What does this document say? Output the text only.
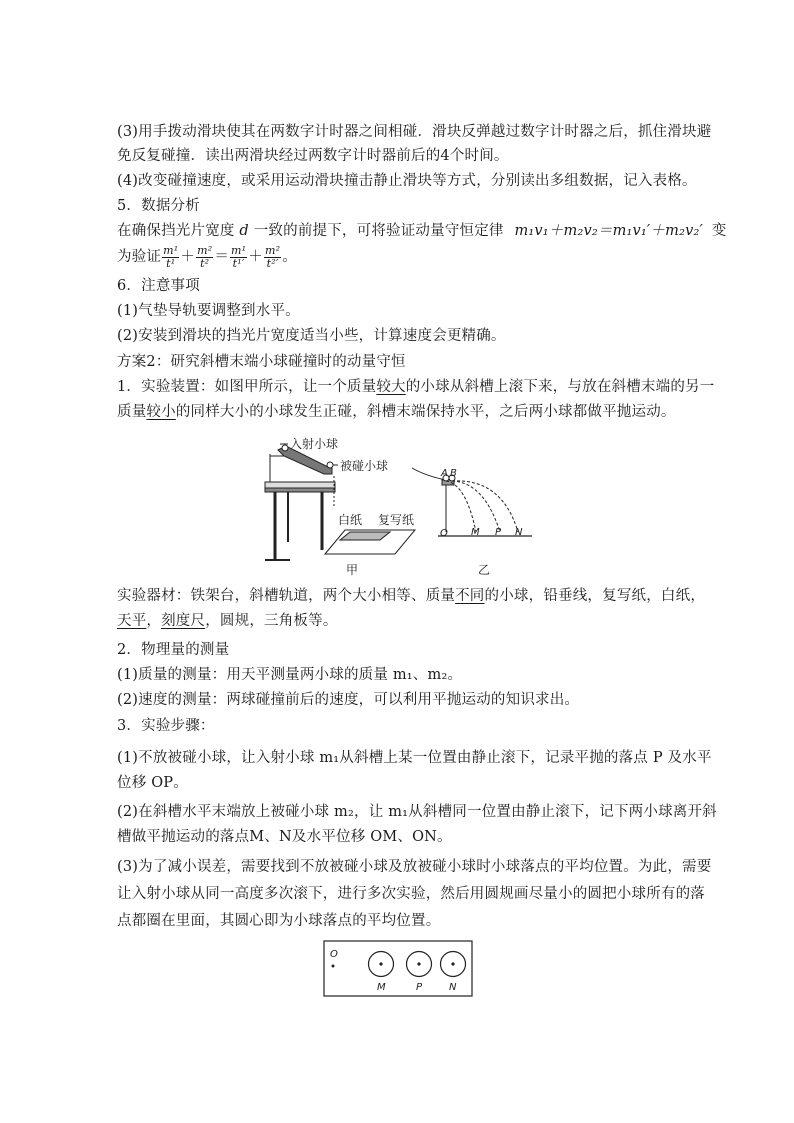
(3)用手拨动滑块使其在两数字计时器之间相碰．滑块反弹越过数字计时器之后，抓住滑块避
免反复碰撞．读出两滑块经过两数字计时器前后的4个时间。
(4)改变碰撞速度，或采用运动滑块撞击静止滑块等方式，分别读出多组数据，记入表格。
5．数据分析
在确保挡光片宽度 d 一致的前提下，可将验证动量守恒定律 m₁v₁＋m₂v₂＝m₁v₁′＋m₂v₂′ 变
为验证 $\frac{\text{m¹}}{\text{t¹}} + \frac{\text{m²}}{\text{t²}} = \frac{\text{m¹}}{\text{t¹′}} + \frac{\text{m²}}{\text{t²′}}$ 。
6．注意事项
(1)气垫导轨要调整到水平。
(2)安装到滑块的挡光片宽度适当小些，计算速度会更精确。
方案2：研究斜槽末端小球碰撞时的动量守恒
1．实验装置：如图甲所示，让一个质量较大的小球从斜槽上滚下来，与放在斜槽末端的另一
质量较小的同样大小的小球发生正碰，斜槽末端保持水平，之后两小球都做平抛运动。
入射小球
被碰小球
白纸 复写纸
甲
A B
O M P N
乙
实验器材：铁架台，斜槽轨道，两个大小相等、质量不同的小球，铅垂线，复写纸，白纸，
天平，刻度尺，圆规，三角板等。
2．物理量的测量
(1)质量的测量：用天平测量两小球的质量 m₁、m₂。
(2)速度的测量：两球碰撞前后的速度，可以利用平抛运动的知识求出。
3．实验步骤：
(1)不放被碰小球，让入射小球 m₁从斜槽上某一位置由静止滚下，记录平抛的落点 P 及水平
位移 OP。
(2)在斜槽水平末端放上被碰小球 m₂，让 m₁从斜槽同一位置由静止滚下，记下两小球离开斜
槽做平抛运动的落点M、N及水平位移 OM、ON。
(3)为了减小误差，需要找到不放被碰小球及放被碰小球时小球落点的平均位置。为此，需要
让入射小球从同一高度多次滚下，进行多次实验，然后用圆规画尽量小的圆把小球所有的落
点都圈在里面，其圆心即为小球落点的平均位置。
O
M	P	N
